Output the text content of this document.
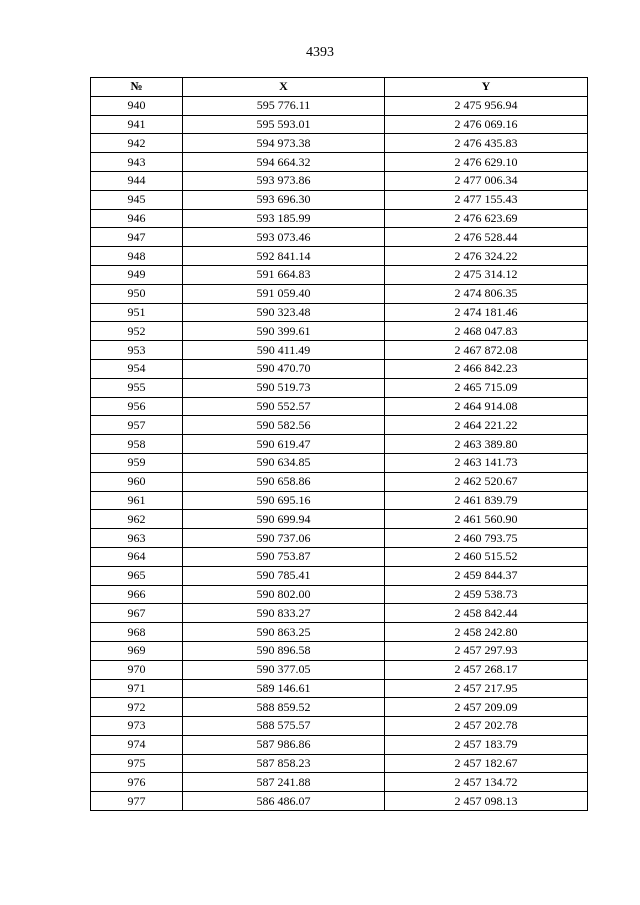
4393
№	X	Y
940	595 776.11	2 475 956.94
941	595 593.01	2 476 069.16
942	594 973.38	2 476 435.83
943	594 664.32	2 476 629.10
944	593 973.86	2 477 006.34
945	593 696.30	2 477 155.43
946	593 185.99	2 476 623.69
947	593 073.46	2 476 528.44
948	592 841.14	2 476 324.22
949	591 664.83	2 475 314.12
950	591 059.40	2 474 806.35
951	590 323.48	2 474 181.46
952	590 399.61	2 468 047.83
953	590 411.49	2 467 872.08
954	590 470.70	2 466 842.23
955	590 519.73	2 465 715.09
956	590 552.57	2 464 914.08
957	590 582.56	2 464 221.22
958	590 619.47	2 463 389.80
959	590 634.85	2 463 141.73
960	590 658.86	2 462 520.67
961	590 695.16	2 461 839.79
962	590 699.94	2 461 560.90
963	590 737.06	2 460 793.75
964	590 753.87	2 460 515.52
965	590 785.41	2 459 844.37
966	590 802.00	2 459 538.73
967	590 833.27	2 458 842.44
968	590 863.25	2 458 242.80
969	590 896.58	2 457 297.93
970	590 377.05	2 457 268.17
971	589 146.61	2 457 217.95
972	588 859.52	2 457 209.09
973	588 575.57	2 457 202.78
974	587 986.86	2 457 183.79
975	587 858.23	2 457 182.67
976	587 241.88	2 457 134.72
977	586 486.07	2 457 098.13
